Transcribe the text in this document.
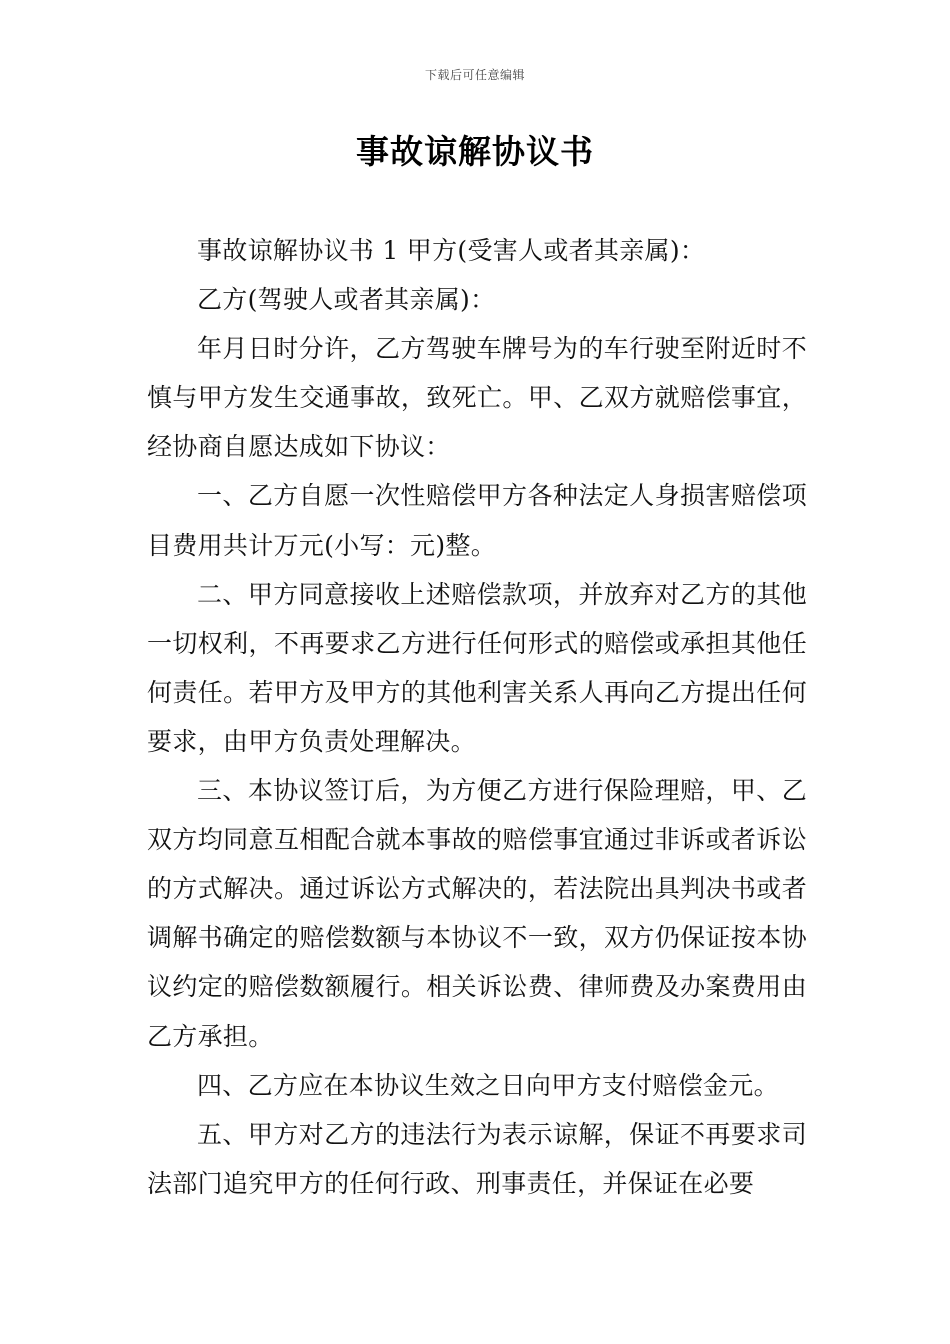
下载后可任意编辑
事故谅解协议书

事故谅解协议书 1 甲方(受害人或者其亲属)：

乙方(驾驶人或者其亲属)：

年月日时分许，乙方驾驶车牌号为的车行驶至附近时不慎与甲方发生交通事故，致死亡。甲、乙双方就赔偿事宜，经协商自愿达成如下协议：

一、乙方自愿一次性赔偿甲方各种法定人身损害赔偿项目费用共计万元(小写：元)整。

二、甲方同意接收上述赔偿款项，并放弃对乙方的其他一切权利，不再要求乙方进行任何形式的赔偿或承担其他任何责任。若甲方及甲方的其他利害关系人再向乙方提出任何要求，由甲方负责处理解决。

三、本协议签订后，为方便乙方进行保险理赔，甲、乙双方均同意互相配合就本事故的赔偿事宜通过非诉或者诉讼的方式解决。通过诉讼方式解决的，若法院出具判决书或者调解书确定的赔偿数额与本协议不一致，双方仍保证按本协议约定的赔偿数额履行。相关诉讼费、律师费及办案费用由乙方承担。

四、乙方应在本协议生效之日向甲方支付赔偿金元。

五、甲方对乙方的违法行为表示谅解，保证不再要求司法部门追究甲方的任何行政、刑事责任，并保证在必要
